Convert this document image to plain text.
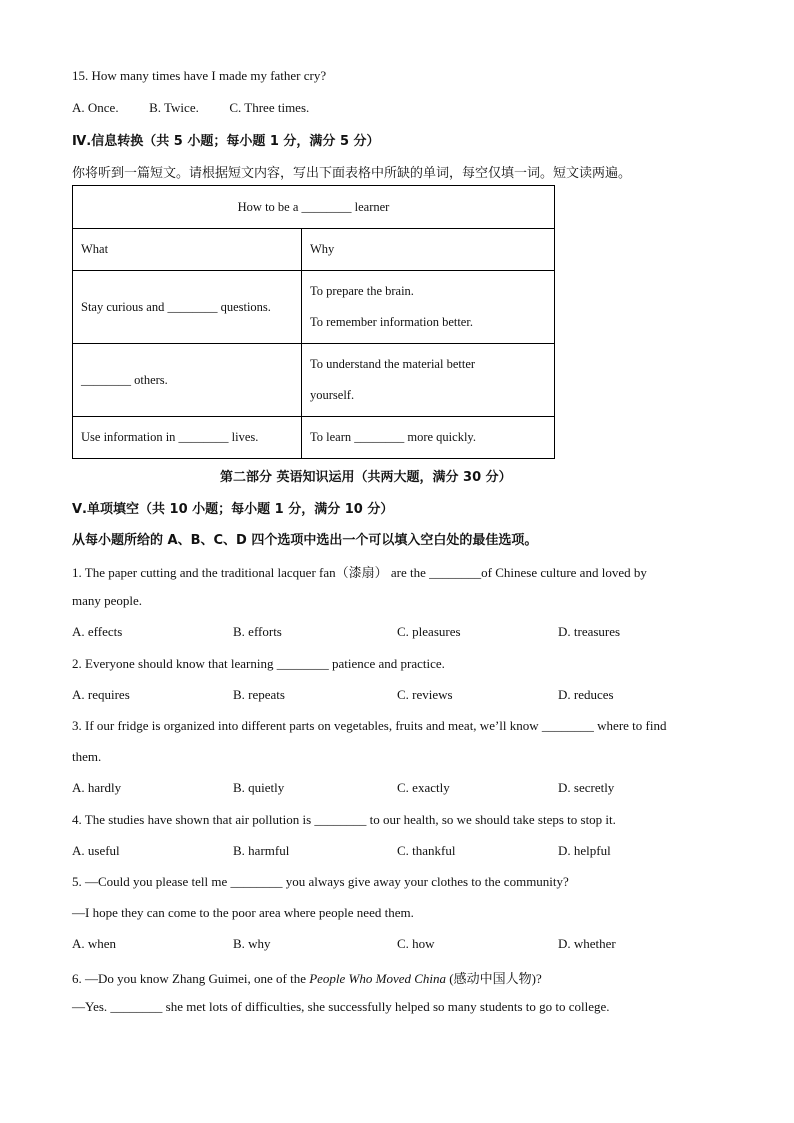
15. How many times have I made my father cry?
A. Once. B. Twice. C. Three times.
Ⅳ.信息转换（共 5 小题；每小题 1 分，满分 5 分）
你将听到一篇短文。请根据短文内容，写出下面表格中所缺的单词，每空仅填一词。短文读两遍。
How to be a ________ learner	
What	Why
Stay curious and ________ questions.	To prepare the brain.
To remember information better.

________ others.	To understand the material better
yourself.

Use information in ________ lives.	To learn ________ more quickly.
第二部分 英语知识运用（共两大题，满分 30 分）
Ⅴ.单项填空（共 10 小题；每小题 1 分，满分 10 分）
从每小题所给的 A、B、C、D 四个选项中选出一个可以填入空白处的最佳选项。
1. The paper cutting and the traditional lacquer fan（漆扇） are the ________of Chinese culture and loved by
many people.
A. effects	B. efforts	C. pleasures	D. treasures
2. Everyone should know that learning ________ patience and practice.
A. requires	B. repeats	C. reviews	D. reduces
3. If our fridge is organized into different parts on vegetables, fruits and meat, we’ll know ________ where to find
them.
A. hardly	B. quietly	C. exactly	D. secretly
4. The studies have shown that air pollution is ________ to our health, so we should take steps to stop it.
A. useful	B. harmful	C. thankful	D. helpful
5. —Could you please tell me ________ you always give away your clothes to the community?
—I hope they can come to the poor area where people need them.
A. when	B. why	C. how	D. whether
6. —Do you know Zhang Guimei, one of the People Who Moved China (感动中国人物)?
—Yes. ________ she met lots of difficulties, she successfully helped so many students to go to college.
